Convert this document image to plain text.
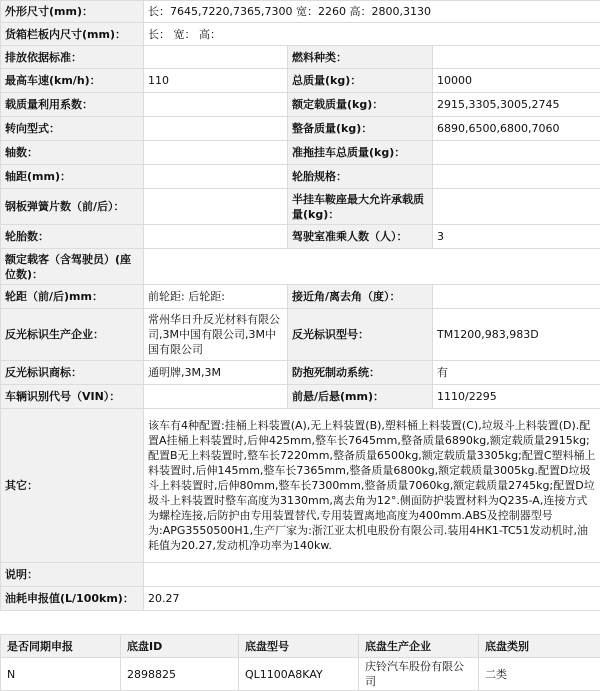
外形尺寸(mm)：	长：7645,7220,7365,7300 宽：2260 高：2800,3130		
货箱栏板内尺寸(mm)：	长： 宽： 高：		
排放依据标准：		燃料种类：	
最高车速(km/h)：	110	总质量(kg)：	10000
载质量利用系数：		额定载质量(kg)：	2915,3305,3005,2745
转向型式：		整备质量(kg)：	6890,6500,6800,7060
轴数：		准拖挂车总质量(kg)：	
轴距(mm)：		轮胎规格：	
钢板弹簧片数（前/后）：		半挂车鞍座最大允许承载质量(kg)：	
轮胎数：		驾驶室准乘人数（人）：	3
额定载客（含驾驶员）(座位数)：			
轮距（前/后)mm：	前轮距: 后轮距:	接近角/离去角（度）：	
反光标识生产企业：	常州华日升反光材料有限公司,3M中国有限公司,3M中国有限公司	反光标识型号：	TM1200,983,983D
反光标识商标：	通明牌,3M,3M	防抱死制动系统：	有
车辆识别代号（VIN）：		前悬/后悬(mm)：	1110/2295
其它：	该车有4种配置:挂桶上料装置(A),无上料装置(B),塑料桶上料装置(C),垃圾斗上料装置(D).配置A挂桶上料装置时,后伸425mm,整车长7645mm,整备质量6890kg,额定载质量2915kg;配置B无上料装置时,整车长7220mm,整备质量6500kg,额定载质量3305kg;配置C塑料桶上料装置时,后伸145mm,整车长7365mm,整备质量6800kg,额定载质量3005kg.配置D垃圾斗上料装置时,后伸80mm,整车长7300mm,整备质量7060kg,额定载质量2745kg;配置D垃圾斗上料装置时整车高度为3130mm,离去角为12°.侧面防护装置材料为Q235-A,连接方式为螺栓连接,后防护由专用装置替代,专用装置离地高度为400mm.ABS及控制器型号为:APG3550500H1,生产厂家为:浙江亚太机电股份有限公司.装用4HK1-TC51发动机时,油耗值为20.27,发动机净功率为140kw.		
说明：			
油耗申报值(L/100km)：	20.27		
是否同期申报	底盘ID	底盘型号	底盘生产企业	底盘类别
N	2898825	QL1100A8KAY	庆铃汽车股份有限公司	二类
